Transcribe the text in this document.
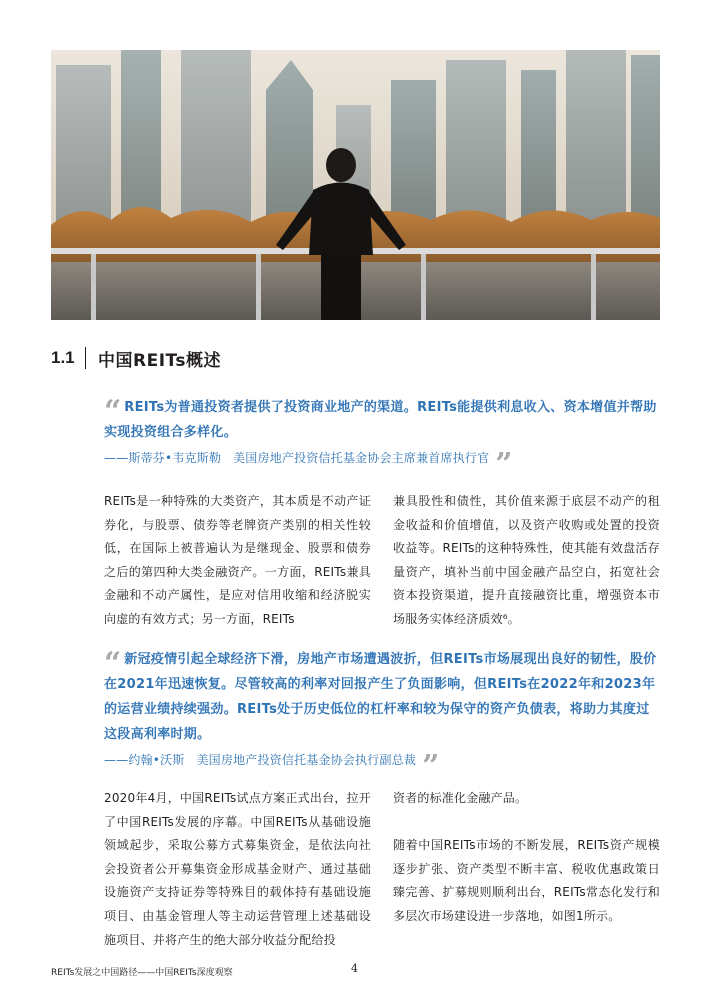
1.1	中国REITs概述

“ REITs为普通投资者提供了投资商业地产的渠道。REITs能提供利息收入、资本增值并帮助实现投资组合多样化。

——斯蒂芬•韦克斯勒 美国房地产投资信托基金协会主席兼首席执行官 ”

REITs是一种特殊的大类资产，其本质是不动产证券化，与股票、债券等老牌资产类别的相关性较低，在国际上被普遍认为是继现金、股票和债券之后的第四种大类金融资产。一方面，REITs兼具金融和不动产属性，是应对信用收缩和经济脱实向虚的有效方式；另一方面，REITs

兼具股性和债性，其价值来源于底层不动产的租金收益和价值增值，以及资产收购或处置的投资收益等。REITs的这种特殊性，使其能有效盘活存量资产，填补当前中国金融产品空白，拓宽社会资本投资渠道，提升直接融资比重，增强资本市场服务实体经济质效⁶。

“ 新冠疫情引起全球经济下滑，房地产市场遭遇波折，但REITs市场展现出良好的韧性，股价在2021年迅速恢复。尽管较高的利率对回报产生了负面影响，但REITs在2022年和2023年的运营业绩持续强劲。REITs处于历史低位的杠杆率和较为保守的资产负债表，将助力其度过这段高利率时期。

——约翰•沃斯 美国房地产投资信托基金协会执行副总裁 ”

2020年4月，中国REITs试点方案正式出台，拉开了中国REITs发展的序幕。中国REITs从基础设施领域起步，采取公募方式募集资金，是依法向社会投资者公开募集资金形成基金财产、通过基础设施资产支持证券等特殊目的载体持有基础设施项目、由基金管理人等主动运营管理上述基础设施项目、并将产生的绝大部分收益分配给投

资者的标准化金融产品。

随着中国REITs市场的不断发展，REITs资产规模逐步扩张、资产类型不断丰富、税收优惠政策日臻完善、扩募规则顺利出台，REITs常态化发行和多层次市场建设进一步落地，如图1所示。

REITs发展之中国路径——中国REITs深度观察	4
